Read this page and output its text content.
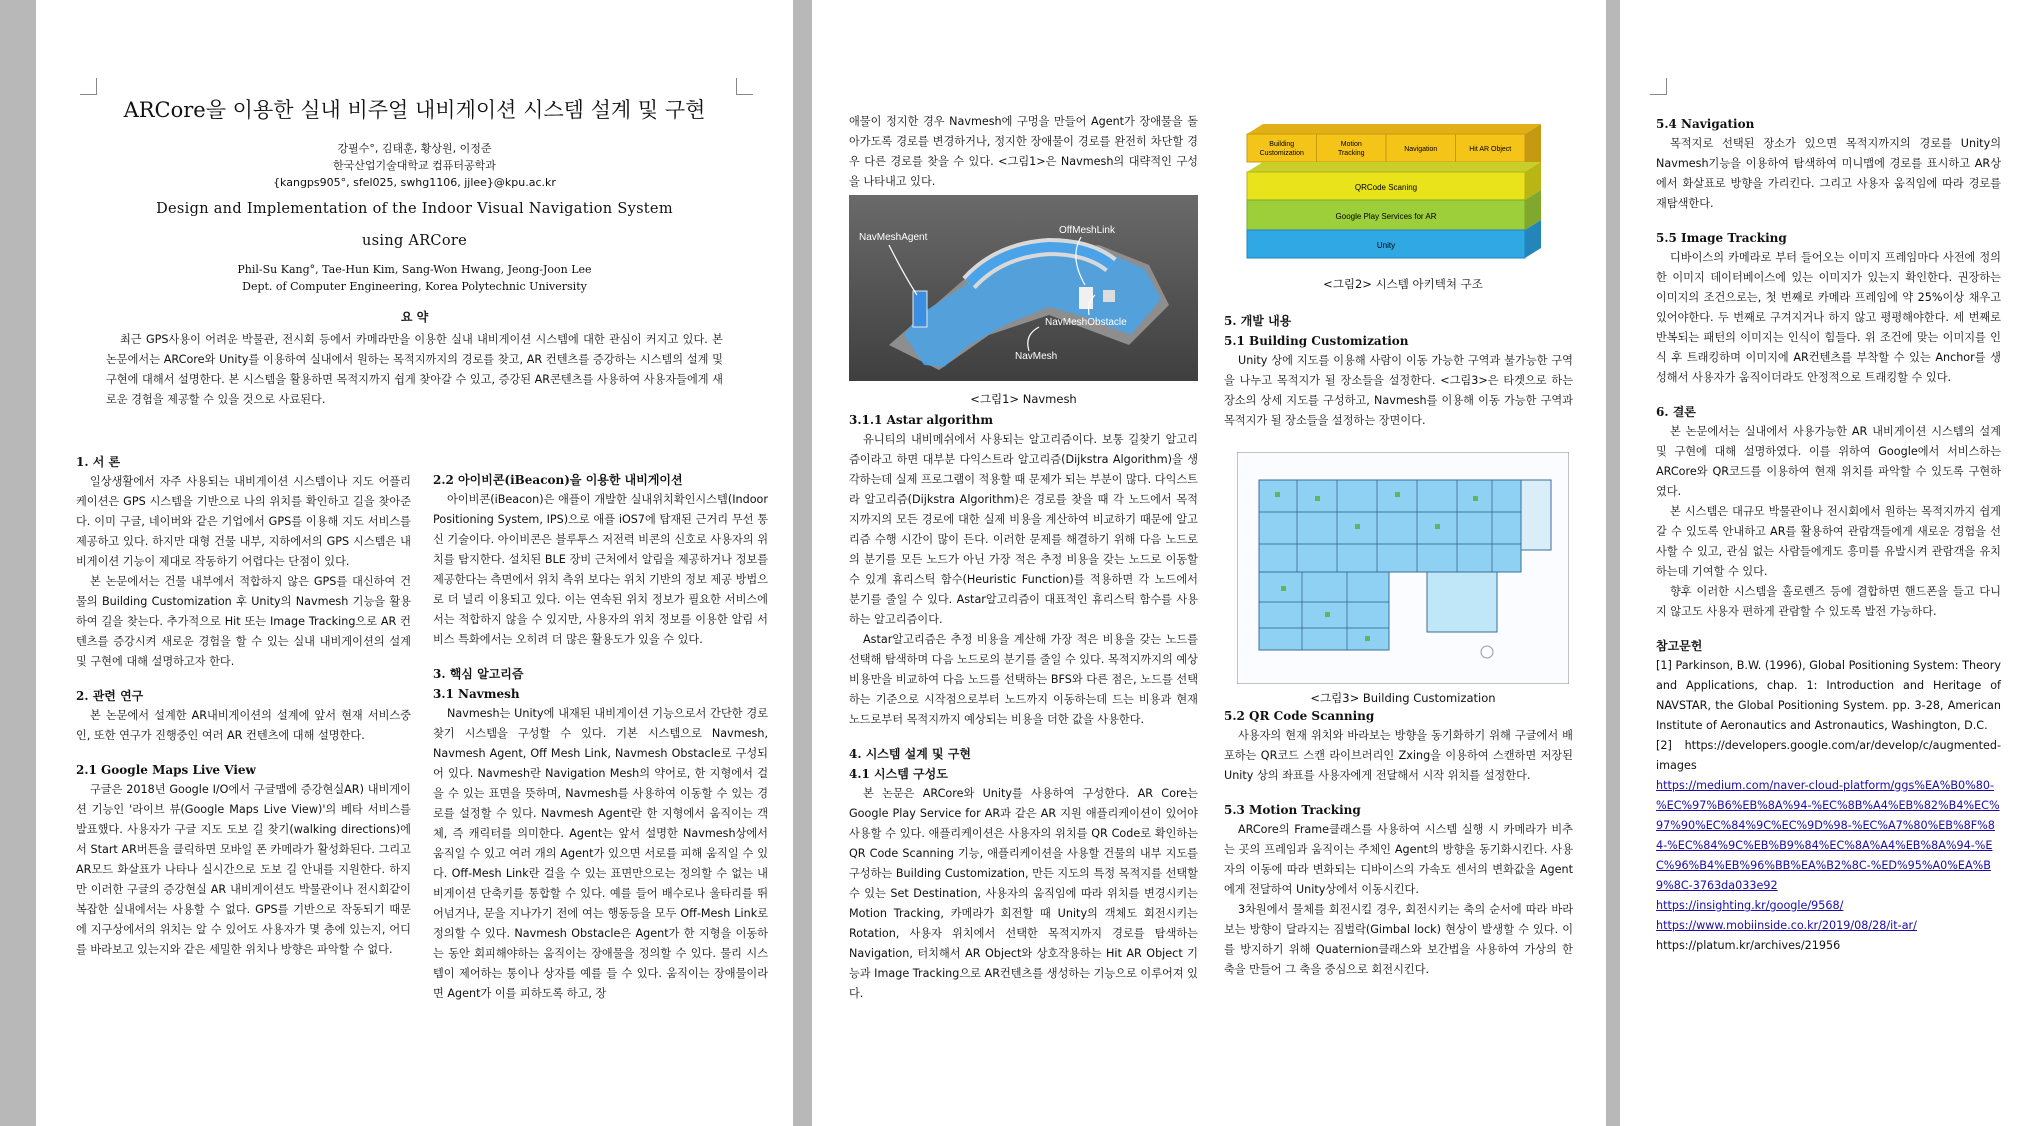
ARCore을 이용한 실내 비주얼 내비게이션 시스템 설계 및 구현
강필수°, 김태훈, 황상원, 이정준
한국산업기술대학교 컴퓨터공학과
{kangps905°, sfel025, swhg1106, jjlee}@kpu.ac.kr
Design and Implementation of the Indoor Visual Navigation System
using ARCore
Phil-Su Kang°, Tae-Hun Kim, Sang-Won Hwang, Jeong-Joon Lee
Dept. of Computer Engineering, Korea Polytechnic University
요 약
최근 GPS사용이 어려운 박물관, 전시회 등에서 카메라만을 이용한 실내 내비게이션 시스템에 대한 관심이 커지고 있다. 본 논문에서는 ARCore와 Unity를 이용하여 실내에서 원하는 목적지까지의 경로를 찾고, AR 컨텐츠를 증강하는 시스템의 설계 및 구현에 대해서 설명한다. 본 시스템을 활용하면 목적지까지 쉽게 찾아갈 수 있고, 증강된 AR콘텐츠를 사용하여 사용자들에게 새로운 경험을 제공할 수 있을 것으로 사료된다.
1. 서 론

일상생활에서 자주 사용되는 내비게이션 시스템이나 지도 어플리케이션은 GPS 시스템을 기반으로 나의 위치를 확인하고 길을 찾아준다. 이미 구글, 네이버와 같은 기업에서 GPS를 이용해 지도 서비스를 제공하고 있다. 하지만 대형 건물 내부, 지하에서의 GPS 시스템은 내비게이션 기능이 제대로 작동하기 어렵다는 단점이 있다.

본 논문에서는 건물 내부에서 적합하지 않은 GPS를 대신하여 건물의 Building Customization 후 Unity의 Navmesh 기능을 활용하여 길을 찾는다. 추가적으로 Hit 또는 Image Tracking으로 AR 컨텐츠를 증강시켜 새로운 경험을 할 수 있는 실내 내비게이션의 설계 및 구현에 대해 설명하고자 한다.

2. 관련 연구

본 논문에서 설계한 AR내비게이션의 설계에 앞서 현재 서비스중인, 또한 연구가 진행중인 여러 AR 컨텐츠에 대해 설명한다.

2.1 Google Maps Live View

구글은 2018년 Google I/O에서 구글맵에 증강현실AR) 내비게이션 기능인 '라이브 뷰(Google Maps Live View)'의 베타 서비스를 발표했다. 사용자가 구글 지도 도보 길 찾기(walking directions)에서 Start AR버튼을 클릭하면 모바일 폰 카메라가 활성화된다. 그리고 AR모드 화살표가 나타나 실시간으로 도보 길 안내를 지원한다. 하지만 이러한 구글의 증강현실 AR 내비게이션도 박물관이나 전시회같이 복잡한 실내에서는 사용할 수 없다. GPS를 기반으로 작동되기 때문에 지구상에서의 위치는 알 수 있어도 사용자가 몇 층에 있는지, 어디를 바라보고 있는지와 같은 세밀한 위치나 방향은 파악할 수 없다.

2.2 아이비콘(iBeacon)을 이용한 내비게이션

아이비콘(iBeacon)은 애플이 개발한 실내위치확인시스템(Indoor Positioning System, IPS)으로 애플 iOS7에 탑재된 근거리 무선 통신 기술이다. 아이비콘은 블루투스 저전력 비콘의 신호로 사용자의 위치를 탐지한다. 설치된 BLE 장비 근처에서 알림을 제공하거나 정보를 제공한다는 측면에서 위치 측위 보다는 위치 기반의 정보 제공 방법으로 더 널리 이용되고 있다. 이는 연속된 위치 정보가 필요한 서비스에서는 적합하지 않을 수 있지만, 사용자의 위치 정보를 이용한 알림 서비스 특화에서는 오히려 더 많은 활용도가 있을 수 있다.

3. 핵심 알고리즘
3.1 Navmesh

Navmesh는 Unity에 내재된 내비게이션 기능으로서 간단한 경로 찾기 시스템을 구성할 수 있다. 기본 시스템으로 Navmesh, Navmesh Agent, Off Mesh Link, Navmesh Obstacle로 구성되어 있다. Navmesh란 Navigation Mesh의 약어로, 한 지형에서 걸을 수 있는 표면을 뜻하며, Navmesh를 사용하여 이동할 수 있는 경로를 설정할 수 있다. Navmesh Agent란 한 지형에서 움직이는 객체, 즉 캐릭터를 의미한다. Agent는 앞서 설명한 Navmesh상에서 움직일 수 있고 여러 개의 Agent가 있으면 서로를 피해 움직일 수 있다. Off-Mesh Link란 걸을 수 있는 표면만으로는 정의할 수 없는 내비게이션 단축키를 통합할 수 있다. 예를 들어 배수로나 울타리를 뛰어넘거나, 문을 지나가기 전에 여는 행동등을 모두 Off-Mesh Link로 정의할 수 있다. Navmesh Obstacle은 Agent가 한 지형을 이동하는 동안 회피해야하는 움직이는 장애물을 정의할 수 있다. 물리 시스템이 제어하는 통이나 상자를 예를 들 수 있다. 움직이는 장애물이라면 Agent가 이를 피하도록 하고, 장

애물이 정지한 경우 Navmesh에 구멍을 만들어 Agent가 장애물을 돌아가도록 경로를 변경하거나, 정지한 장애물이 경로를 완전히 차단할 경우 다른 경로를 찾을 수 있다. <그림1>은 Navmesh의 대략적인 구성을 나타내고 있다.

NavMeshAgent
OffMeshLink
NavMeshObstacle
NavMesh
<그림1> Navmesh
3.1.1 Astar algorithm

유니티의 내비메쉬에서 사용되는 알고리즘이다. 보통 길찾기 알고리즘이라고 하면 대부분 다익스트라 알고리즘(Dijkstra Algorithm)을 생각하는데 실제 프로그램이 적용할 때 문제가 되는 부분이 많다. 다익스트라 알고리즘(Dijkstra Algorithm)은 경로를 찾을 때 각 노드에서 목적지까지의 모든 경로에 대한 실제 비용을 계산하여 비교하기 때문에 알고리즘 수행 시간이 많이 든다. 이러한 문제를 해결하기 위해 다음 노드로의 분기를 모든 노드가 아닌 가장 적은 추정 비용을 갖는 노드로 이동할 수 있게 휴리스틱 함수(Heuristic Function)를 적용하면 각 노드에서 분기를 줄일 수 있다. Astar알고리즘이 대표적인 휴리스틱 함수를 사용하는 알고리즘이다.

Astar알고리즘은 추정 비용을 계산해 가장 적은 비용을 갖는 노드를 선택해 탐색하며 다음 노드로의 분기를 줄일 수 있다. 목적지까지의 예상 비용만을 비교하여 다음 노드를 선택하는 BFS와 다른 점은, 노드를 선택하는 기준으로 시작점으로부터 노드까지 이동하는데 드는 비용과 현재 노드로부터 목적지까지 예상되는 비용을 더한 값을 사용한다.

4. 시스템 설계 및 구현
4.1 시스템 구성도

본 논문은 ARCore와 Unity를 사용하여 구성한다. AR Core는 Google Play Service for AR과 같은 AR 지원 애플리케이션이 있어야 사용할 수 있다. 애플리케이션은 사용자의 위치를 QR Code로 확인하는 QR Code Scanning 기능, 애플리케이션을 사용할 건물의 내부 지도를 구성하는 Building Customization, 만든 지도의 특정 목적지를 선택할 수 있는 Set Destination, 사용자의 움직임에 따라 위치를 변경시키는 Motion Tracking, 카메라가 회전할 때 Unity의 객체도 회전시키는 Rotation, 사용자 위치에서 선택한 목적지까지 경로를 탐색하는 Navigation, 터치해서 AR Object와 상호작용하는 Hit AR Object 기능과 Image Tracking으로 AR컨텐츠를 생성하는 기능으로 이루어져 있다.

Building Customization
Motion Tracking
Navigation	Hit AR Object
QRCode Scaning
Google Play Services for AR
Unity
<그림2> 시스템 아키텍쳐 구조
5. 개발 내용
5.1 Building Customization

Unity 상에 지도를 이용해 사람이 이동 가능한 구역과 불가능한 구역을 나누고 목적지가 될 장소들을 설정한다. <그림3>은 타겟으로 하는 장소의 상세 지도를 구성하고, Navmesh를 이용해 이동 가능한 구역과 목적지가 될 장소들을 설정하는 장면이다.

<그림3> Building Customization
5.2 QR Code Scanning

사용자의 현재 위치와 바라보는 방향을 동기화하기 위해 구글에서 배포하는 QR코드 스캔 라이브러리인 Zxing을 이용하여 스캔하면 저장된 Unity 상의 좌표를 사용자에게 전달해서 시작 위치를 설정한다.

5.3 Motion Tracking

ARCore의 Frame클래스를 사용하여 시스템 실행 시 카메라가 비추는 곳의 프레임과 움직이는 주체인 Agent의 방향을 동기화시킨다. 사용자의 이동에 따라 변화되는 디바이스의 가속도 센서의 변화값을 Agent에게 전달하여 Unity상에서 이동시킨다.

3차원에서 물체를 회전시킬 경우, 회전시키는 축의 순서에 따라 바라보는 방향이 달라지는 짐벌락(Gimbal lock) 현상이 발생할 수 있다. 이를 방지하기 위해 Quaternion클래스와 보간법을 사용하여 가상의 한 축을 만들어 그 축을 중심으로 회전시킨다.

5.4 Navigation

목적지로 선택된 장소가 있으면 목적지까지의 경로를 Unity의 Navmesh기능을 이용하여 탐색하여 미니맵에 경로를 표시하고 AR상에서 화살표로 방향을 가리킨다. 그리고 사용자 움직임에 따라 경로를 재탐색한다.

5.5 Image Tracking

디바이스의 카메라로 부터 들어오는 이미지 프레임마다 사전에 정의한 이미지 데이터베이스에 있는 이미지가 있는지 확인한다. 권장하는 이미지의 조건으로는, 첫 번째로 카메라 프레임에 약 25%이상 채우고 있어야한다. 두 번째로 구겨지거나 하지 않고 평평해야한다. 세 번째로 반복되는 패턴의 이미지는 인식이 힘들다. 위 조건에 맞는 이미지를 인식 후 트래킹하며 이미지에 AR컨텐츠를 부착할 수 있는 Anchor를 생성해서 사용자가 움직이더라도 안정적으로 트래킹할 수 있다.

6. 결론

본 논문에서는 실내에서 사용가능한 AR 내비게이션 시스템의 설계 및 구현에 대해 설명하였다. 이를 위하여 Google에서 서비스하는 ARCore와 QR코드를 이용하여 현재 위치를 파악할 수 있도록 구현하였다.

본 시스템은 대규모 박물관이나 전시회에서 원하는 목적지까지 쉽게 갈 수 있도록 안내하고 AR를 활용하여 관람객들에게 새로운 경험을 선사할 수 있고, 관심 없는 사람들에게도 흥미를 유발시켜 관람객을 유치하는데 기여할 수 있다.

향후 이러한 시스템을 홀로렌즈 등에 결합하면 핸드폰을 들고 다니지 않고도 사용자 편하게 관람할 수 있도록 발전 가능하다.

참고문헌

[1] Parkinson, B.W. (1996), Global Positioning System: Theory and Applications, chap. 1: Introduction and Heritage of NAVSTAR, the Global Positioning System. pp. 3-28, American Institute of Aeronautics and Astronautics, Washington, D.C.

[2] https://developers.google.com/ar/develop/c/augmented-images

https://medium.com/naver-cloud-platform/ggs%EA%B0%80-%EC%97%B6%EB%8A%94-%EC%8B%A4%EB%82%B4%EC%97%90%EC%84%9C%EC%9D%98-%EC%A7%80%EB%8F%84-%EC%84%9C%EB%B9%84%EC%8A%A4%EB%8A%94-%EC%96%B4%EB%96%BB%EA%B2%8C-%ED%95%A0%EA%B9%8C-3763da033e92

https://insighting.kr/google/9568/

https://www.mobiinside.co.kr/2019/08/28/it-ar/

https://platum.kr/archives/21956
